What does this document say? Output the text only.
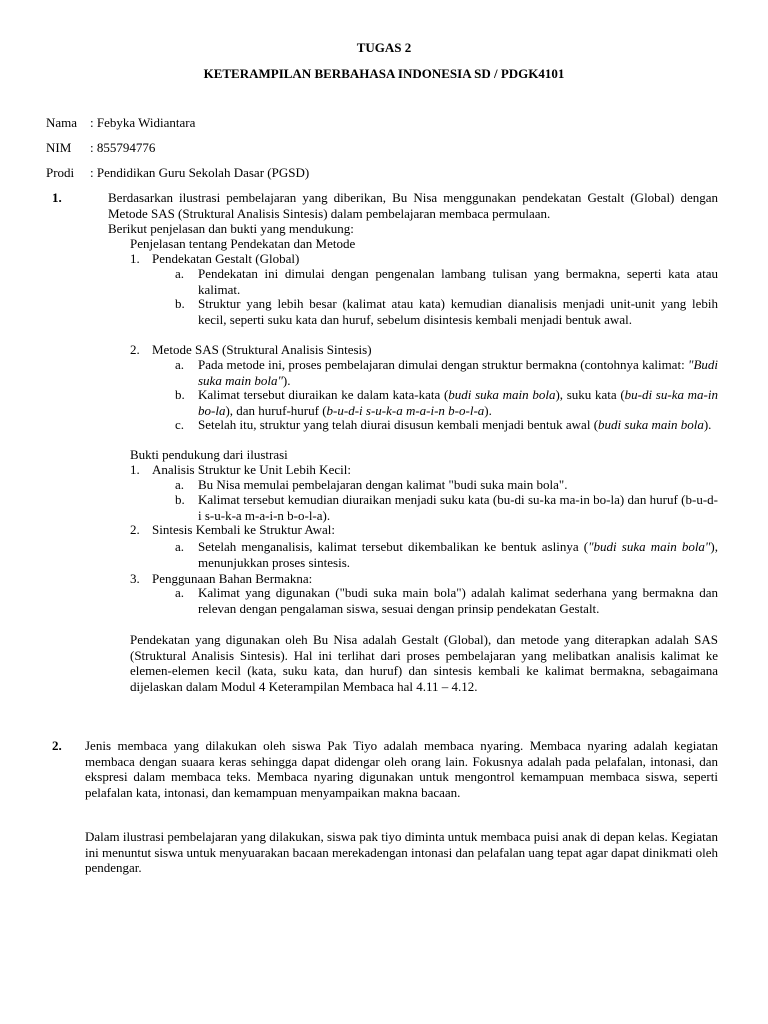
TUGAS 2
KETERAMPILAN BERBAHASA INDONESIA SD / PDGK4101
Nama : Febyka Widiantara
NIM : 855794776
Prodi : Pendidikan Guru Sekolah Dasar (PGSD)
1.	Berdasarkan ilustrasi pembelajaran yang diberikan, Bu Nisa menggunakan pendekatan Gestalt (Global) dengan Metode SAS (Struktural Analisis Sintesis) dalam pembelajaran membaca permulaan.
Berikut penjelasan dan bukti yang mendukung:
Penjelasan tentang Pendekatan dan Metode
1. Pendekatan Gestalt (Global)
a. Pendekatan ini dimulai dengan pengenalan lambang tulisan yang bermakna, seperti kata atau kalimat.
b. Struktur yang lebih besar (kalimat atau kata) kemudian dianalisis menjadi unit-unit yang lebih kecil, seperti suku kata dan huruf, sebelum disintesis kembali menjadi bentuk awal.
2. Metode SAS (Struktural Analisis Sintesis)
a. Pada metode ini, proses pembelajaran dimulai dengan struktur bermakna (contohnya kalimat: "Budi suka main bola").
b. Kalimat tersebut diuraikan ke dalam kata-kata (budi suka main bola), suku kata (bu-di su-ka ma-in bo-la), dan huruf-huruf (b-u-d-i s-u-k-a m-a-i-n b-o-l-a).
c. Setelah itu, struktur yang telah diurai disusun kembali menjadi bentuk awal (budi suka main bola).
Bukti pendukung dari ilustrasi
1. Analisis Struktur ke Unit Lebih Kecil:
a. Bu Nisa memulai pembelajaran dengan kalimat "budi suka main bola".
b. Kalimat tersebut kemudian diuraikan menjadi suku kata (bu-di su-ka ma-in bo-la) dan huruf (b-u-d-i s-u-k-a m-a-i-n b-o-l-a).
2. Sintesis Kembali ke Struktur Awal:
a. Setelah menganalisis, kalimat tersebut dikembalikan ke bentuk aslinya ("budi suka main bola"), menunjukkan proses sintesis.
3. Penggunaan Bahan Bermakna:
a. Kalimat yang digunakan ("budi suka main bola") adalah kalimat sederhana yang bermakna dan relevan dengan pengalaman siswa, sesuai dengan prinsip pendekatan Gestalt.
Pendekatan yang digunakan oleh Bu Nisa adalah Gestalt (Global), dan metode yang diterapkan adalah SAS (Struktural Analisis Sintesis). Hal ini terlihat dari proses pembelajaran yang melibatkan analisis kalimat ke elemen-elemen kecil (kata, suku kata, dan huruf) dan sintesis kembali ke kalimat bermakna, sebagaimana dijelaskan dalam Modul 4 Keterampilan Membaca hal 4.11 – 4.12.
2. Jenis membaca yang dilakukan oleh siswa Pak Tiyo adalah membaca nyaring. Membaca nyaring adalah kegiatan membaca dengan suaara keras sehingga dapat didengar oleh orang lain. Fokusnya adalah pada pelafalan, intonasi, dan ekspresi dalam membaca teks. Membaca nyaring digunakan untuk mengontrol kemampuan membaca siswa, seperti pelafalan kata, intonasi, dan kemampuan menyampaikan makna bacaan.
Dalam ilustrasi pembelajaran yang dilakukan, siswa pak tiyo diminta untuk membaca puisi anak di depan kelas. Kegiatan ini menuntut siswa untuk menyuarakan bacaan merekadengan intonasi dan pelafalan uang tepat agar dapat dinikmati oleh pendengar.
